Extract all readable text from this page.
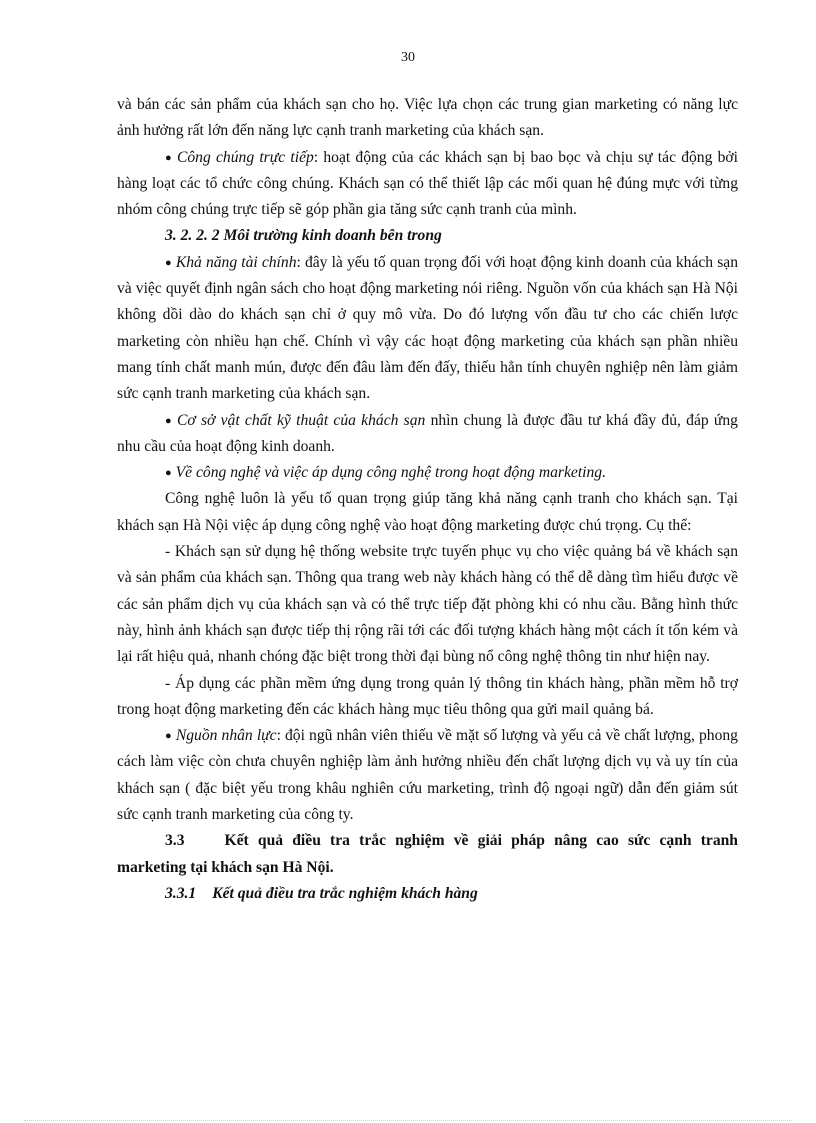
30

và bán các sản phẩm của khách sạn cho họ. Việc lựa chọn các trung gian marketing có năng lực ảnh hưởng rất lớn đến năng lực cạnh tranh marketing của khách sạn.

● Công chúng trực tiếp: hoạt động của các khách sạn bị bao bọc và chịu sự tác động bởi hàng loạt các tổ chức công chúng. Khách sạn có thể thiết lập các mối quan hệ đúng mực với từng nhóm công chúng trực tiếp sẽ góp phần gia tăng sức cạnh tranh của mình.

3. 2. 2. 2 Môi trường kinh doanh bên trong

● Khả năng tài chính: đây là yếu tố quan trọng đối với hoạt động kinh doanh của khách sạn và việc quyết định ngân sách cho hoạt động marketing nói riêng. Nguồn vốn của khách sạn Hà Nội không dồi dào do khách sạn chỉ ở quy mô vừa. Do đó lượng vốn đầu tư cho các chiến lược marketing còn nhiều hạn chế. Chính vì vậy các hoạt động marketing của khách sạn phần nhiều mang tính chất manh mún, được đến đâu làm đến đấy, thiếu hẳn tính chuyên nghiệp nên làm giảm sức cạnh tranh marketing của khách sạn.

● Cơ sở vật chất kỹ thuật của khách sạn nhìn chung là được đầu tư khá đầy đủ, đáp ứng nhu cầu của hoạt động kinh doanh.

● Về công nghệ và việc áp dụng công nghệ trong hoạt động marketing.

Công nghệ luôn là yếu tố quan trọng giúp tăng khả năng cạnh tranh cho khách sạn. Tại khách sạn Hà Nội việc áp dụng công nghệ vào hoạt động marketing được chú trọng. Cụ thể:

- Khách sạn sử dụng hệ thống website trực tuyến phục vụ cho việc quảng bá về khách sạn và sản phẩm của khách sạn. Thông qua trang web này khách hàng có thể dễ dàng tìm hiểu được về các sản phẩm dịch vụ của khách sạn và có thể trực tiếp đặt phòng khi có nhu cầu. Bằng hình thức này, hình ảnh khách sạn được tiếp thị rộng rãi tới các đối tượng khách hàng một cách ít tốn kém và lại rất hiệu quả, nhanh chóng đặc biệt trong thời đại bùng nổ công nghệ thông tin như hiện nay.

- Áp dụng các phần mềm ứng dụng trong quản lý thông tin khách hàng, phần mềm hỗ trợ trong hoạt động marketing đến các khách hàng mục tiêu thông qua gửi mail quảng bá.

● Nguồn nhân lực: đội ngũ nhân viên thiếu về mặt số lượng và yếu cả về chất lượng, phong cách làm việc còn chưa chuyên nghiệp làm ảnh hưởng nhiều đến chất lượng dịch vụ và uy tín của khách sạn ( đặc biệt yếu trong khâu nghiên cứu marketing, trình độ ngoại ngữ) dẫn đến giảm sút sức cạnh tranh marketing của công ty.

3.3	Kết quả điều tra trắc nghiệm về giải pháp nâng cao sức cạnh tranh marketing tại khách sạn Hà Nội.

3.3.1 Kết quả điều tra trắc nghiệm khách hàng
